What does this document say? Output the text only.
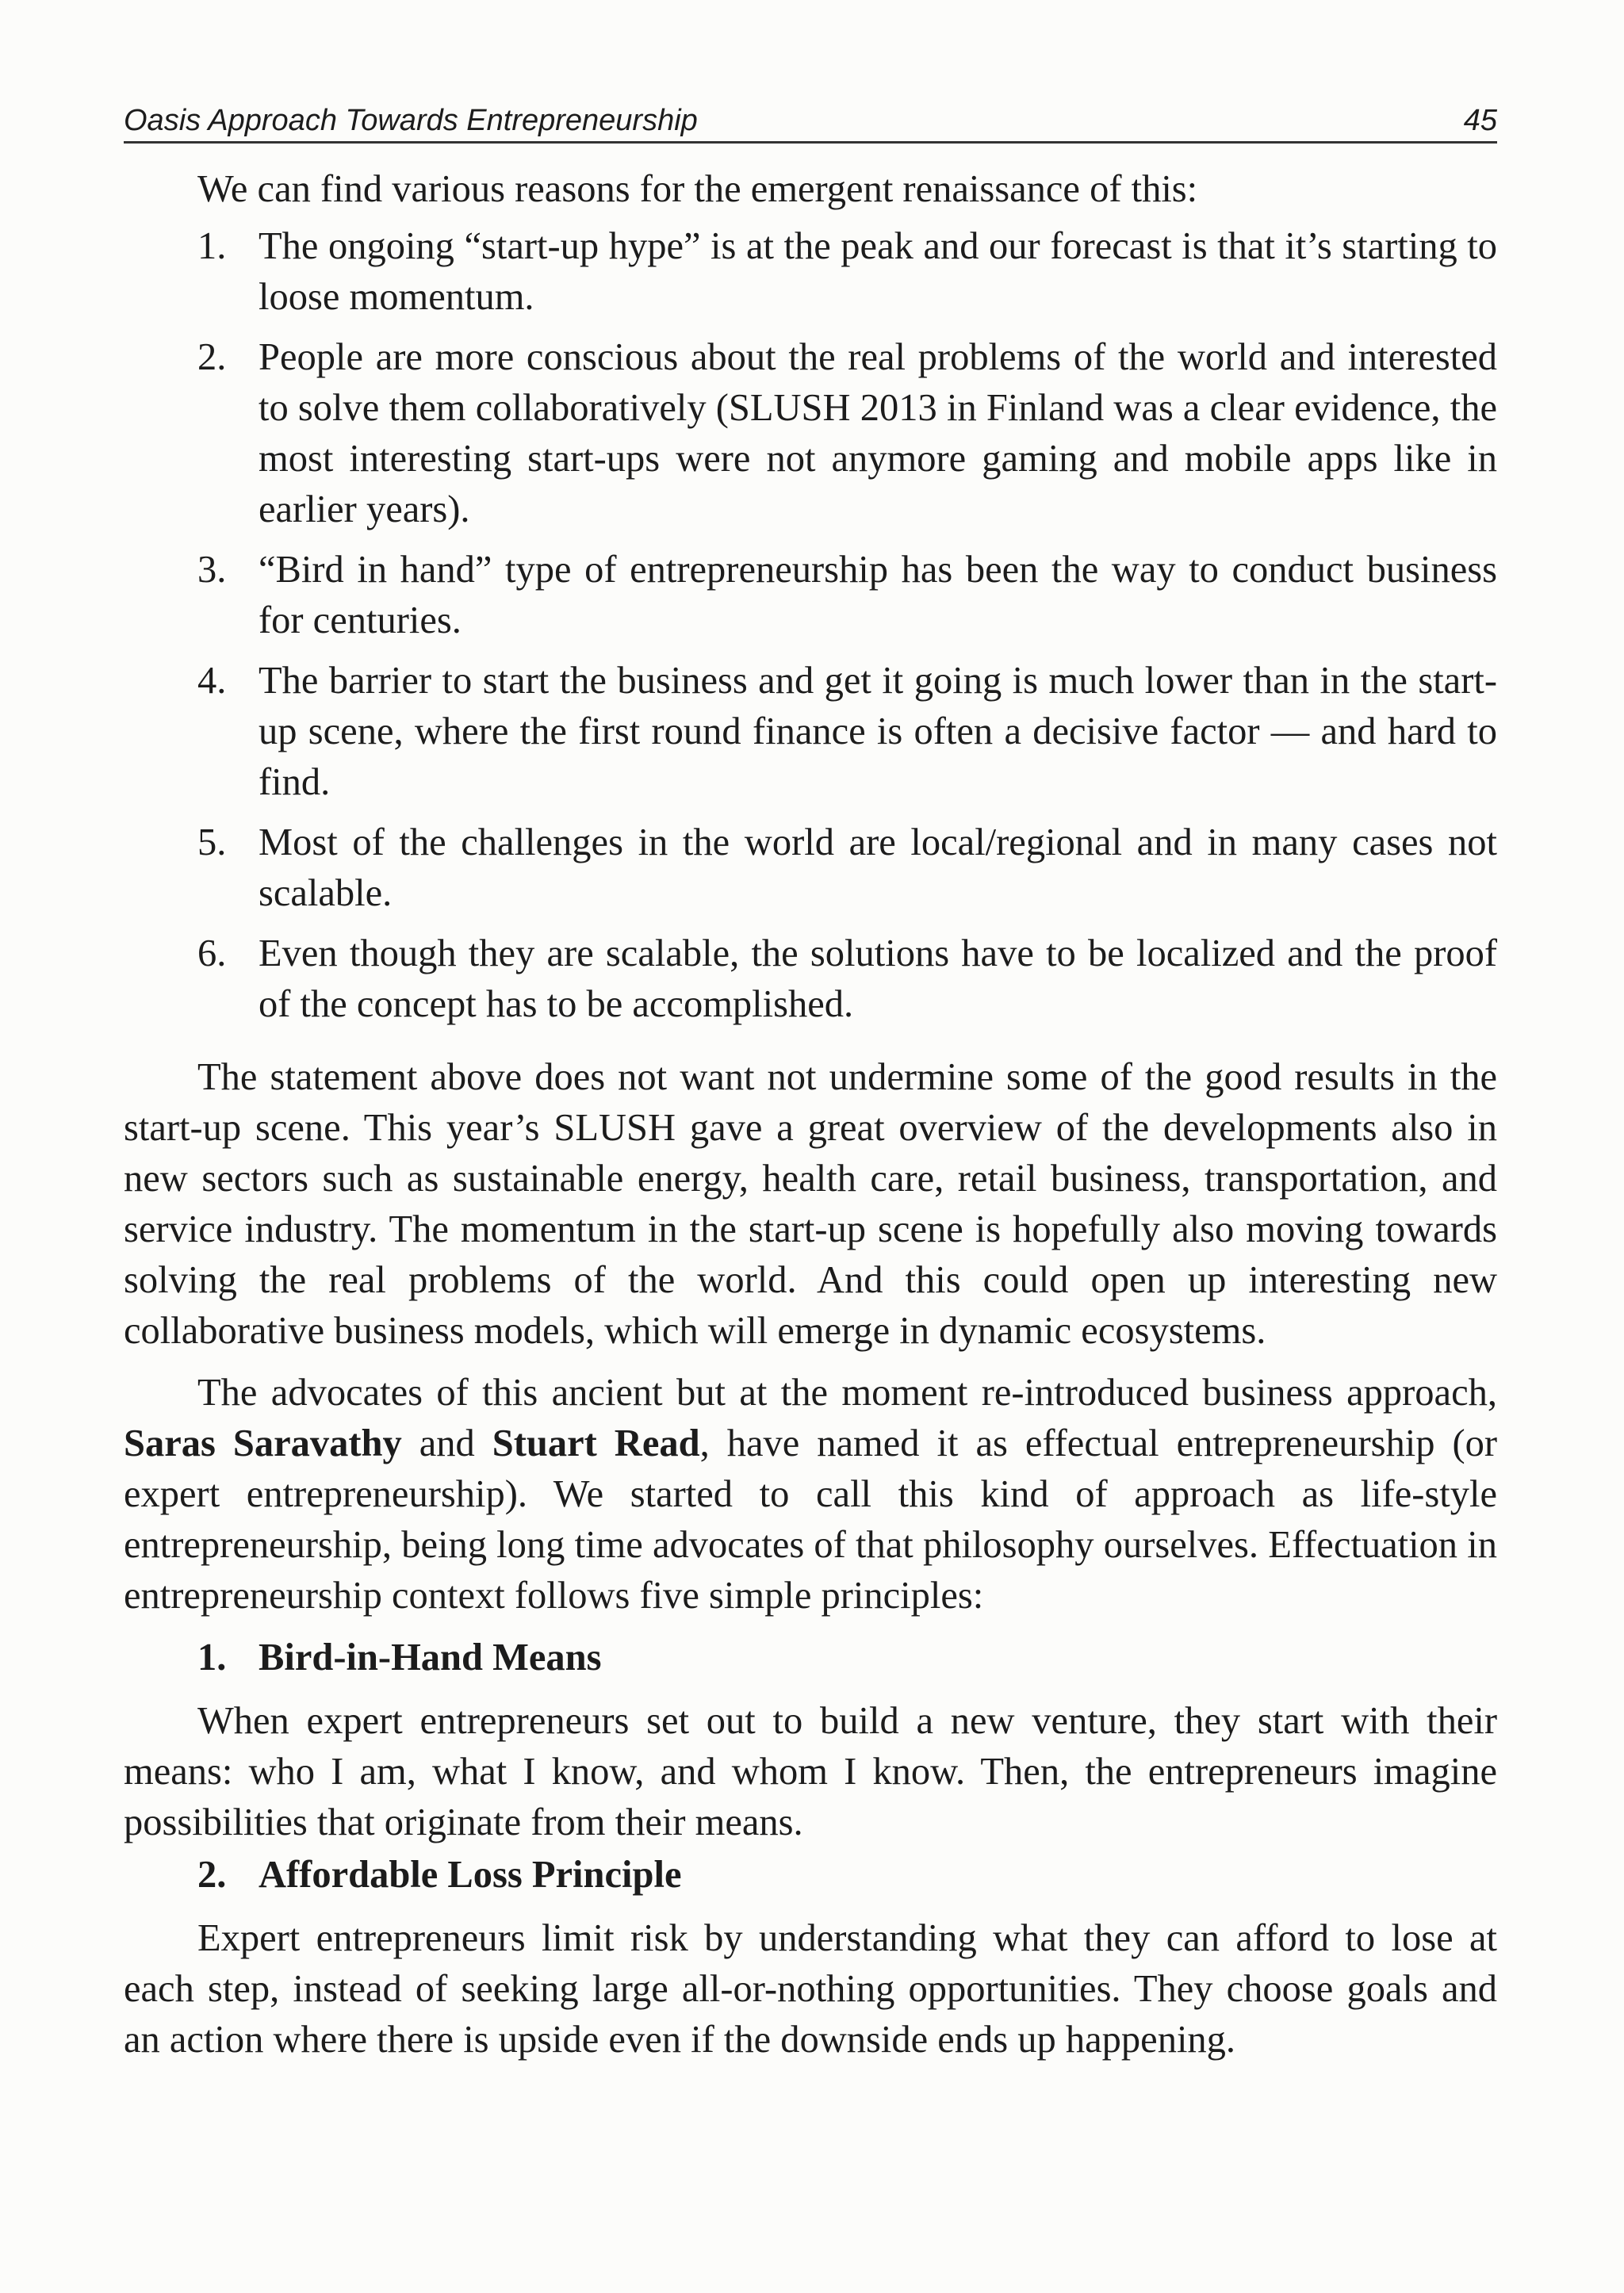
Oasis Approach Towards Entrepreneurship	45
We can find various reasons for the emergent renaissance of this:
1. The ongoing “start-up hype” is at the peak and our forecast is that it’s starting to loose momentum.
2. People are more conscious about the real problems of the world and interested to solve them collaboratively (SLUSH 2013 in Finland was a clear evidence, the most interesting start-ups were not anymore gaming and mobile apps like in earlier years).
3. “Bird in hand” type of entrepreneurship has been the way to conduct business for centuries.
4. The barrier to start the business and get it going is much lower than in the start-up scene, where the first round finance is often a decisive factor — and hard to find.
5. Most of the challenges in the world are local/regional and in many cases not scalable.
6. Even though they are scalable, the solutions have to be localized and the proof of the concept has to be accomplished.

The statement above does not want not undermine some of the good results in the start-up scene. This year’s SLUSH gave a great overview of the developments also in new sectors such as sustainable energy, health care, retail business, transportation, and service industry. The momentum in the start-up scene is hopefully also moving towards solving the real problems of the world. And this could open up interesting new collaborative business models, which will emerge in dynamic ecosystems.

The advocates of this ancient but at the moment re-introduced business approach, Saras Saravathy and Stuart Read, have named it as effectual entrepreneurship (or expert entrepreneurship). We started to call this kind of approach as life-style entrepreneurship, being long time advocates of that philosophy ourselves. Effectuation in entrepreneurship context follows five simple principles:

1. Bird-in-Hand Means

When expert entrepreneurs set out to build a new venture, they start with their means: who I am, what I know, and whom I know. Then, the entrepreneurs imagine possibilities that originate from their means.

2. Affordable Loss Principle

Expert entrepreneurs limit risk by understanding what they can afford to lose at each step, instead of seeking large all-or-nothing opportunities. They choose goals and an action where there is upside even if the downside ends up happening.
